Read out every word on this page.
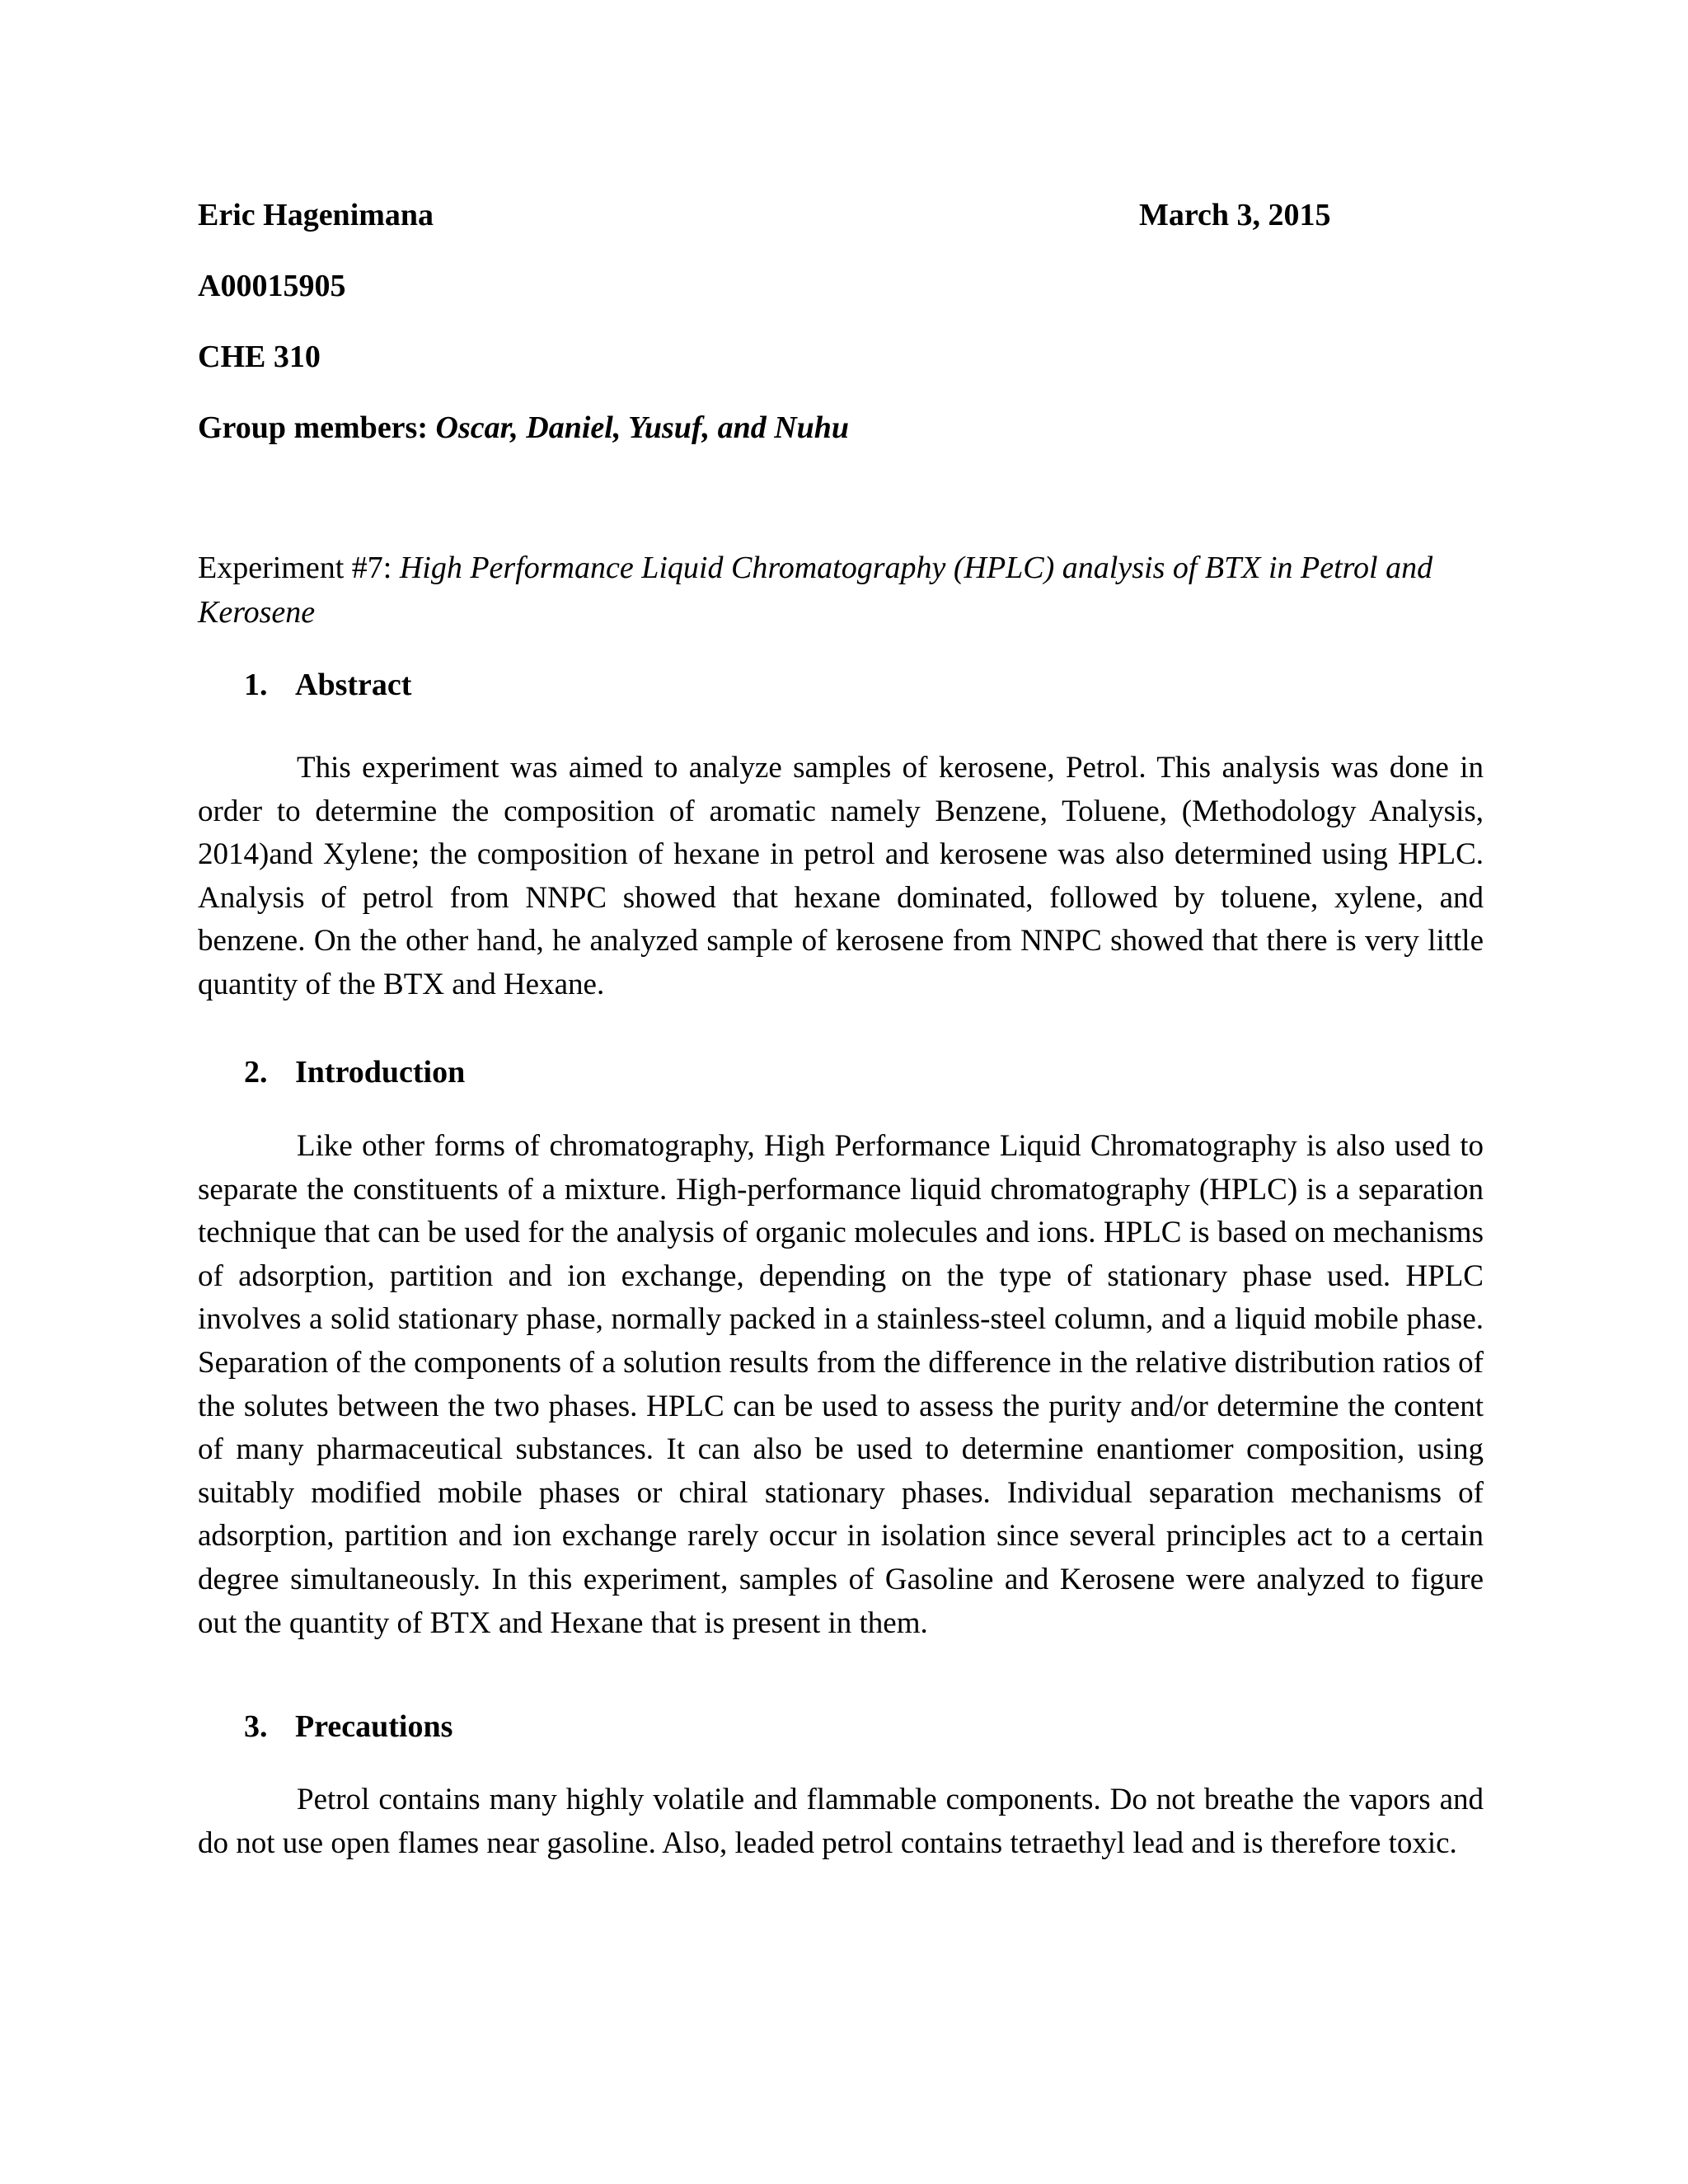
Eric Hagenimana	March 3, 2015
A00015905
CHE 310
Group members: Oscar, Daniel, Yusuf, and Nuhu
Experiment #7: High Performance Liquid Chromatography (HPLC) analysis of BTX in Petrol and Kerosene
1. Abstract

This experiment was aimed to analyze samples of kerosene, Petrol. This analysis was done in order to determine the composition of aromatic namely Benzene, Toluene, (Methodology Analysis, 2014)and Xylene; the composition of hexane in petrol and kerosene was also determined using HPLC. Analysis of petrol from NNPC showed that hexane dominated, followed by toluene, xylene, and benzene. On the other hand, he analyzed sample of kerosene from NNPC showed that there is very little quantity of the BTX and Hexane.

2. Introduction

Like other forms of chromatography, High Performance Liquid Chromatography is also used to separate the constituents of a mixture. High-performance liquid chromatography (HPLC) is a separation technique that can be used for the analysis of organic molecules and ions. HPLC is based on mechanisms of adsorption, partition and ion exchange, depending on the type of stationary phase used. HPLC involves a solid stationary phase, normally packed in a stainless-steel column, and a liquid mobile phase. Separation of the components of a solution results from the difference in the relative distribution ratios of the solutes between the two phases. HPLC can be used to assess the purity and/or determine the content of many pharmaceutical substances. It can also be used to determine enantiomer composition, using suitably modified mobile phases or chiral stationary phases. Individual separation mechanisms of adsorption, partition and ion exchange rarely occur in isolation since several principles act to a certain degree simultaneously. In this experiment, samples of Gasoline and Kerosene were analyzed to figure out the quantity of BTX and Hexane that is present in them.

3. Precautions

Petrol contains many highly volatile and flammable components. Do not breathe the vapors and do not use open flames near gasoline. Also, leaded petrol contains tetraethyl lead and is therefore toxic.
